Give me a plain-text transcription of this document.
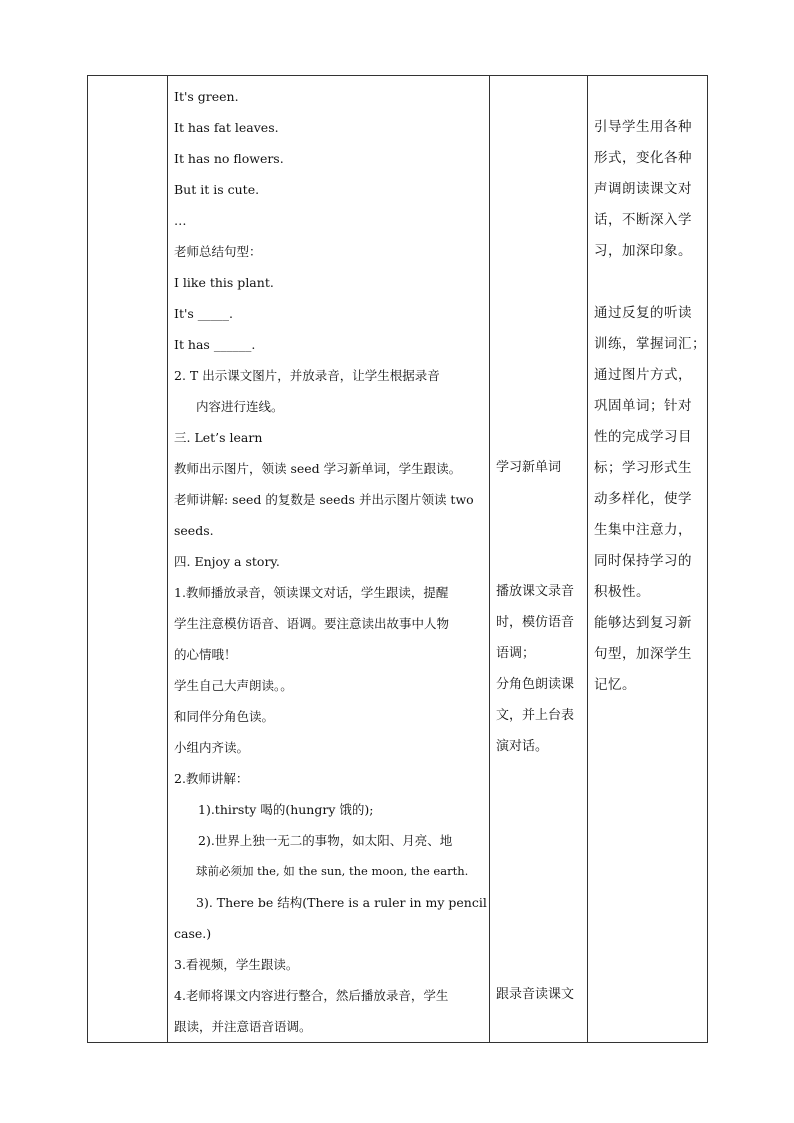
It's green.
It has fat leaves.
It has no flowers.
But it is cute.
…
老师总结句型：
I like this plant.
It's _____.
It has ______.
2. T 出示课文图片，并放录音，让学生根据录音
内容进行连线。
三. Let’s learn
教师出示图片，领读 seed 学习新单词，学生跟读。
老师讲解: seed 的复数是 seeds 并出示图片领读 two
seeds.
四. Enjoy a story.
1.教师播放录音，领读课文对话，学生跟读，提醒
学生注意模仿语音、语调。要注意读出故事中人物
的心情哦！
学生自己大声朗读。。
和同伴分角色读。
小组内齐读。
2.教师讲解：
1).thirsty 喝的(hungry 饿的);
2).世界上独一无二的事物，如太阳、月亮、地
球前必须加 the, 如 the sun, the moon, the earth.
3). There be 结构(There is a ruler in my pencil
case.)
3.看视频，学生跟读。
4.老师将课文内容进行整合，然后播放录音，学生
跟读，并注意语音语调。

学习新单词
播放课文录音
时，模仿语音
语调；
分角色朗读课
文，并上台表
演对话。
跟录音读课文

引导学生用各种
形式，变化各种
声调朗读课文对
话，不断深入学
习，加深印象。
通过反复的听读
训练，掌握词汇；
通过图片方式，
巩固单词；针对
性的完成学习目
标；学习形式生
动多样化，使学
生集中注意力，
同时保持学习的
积极性。
能够达到复习新
句型，加深学生
记忆。
